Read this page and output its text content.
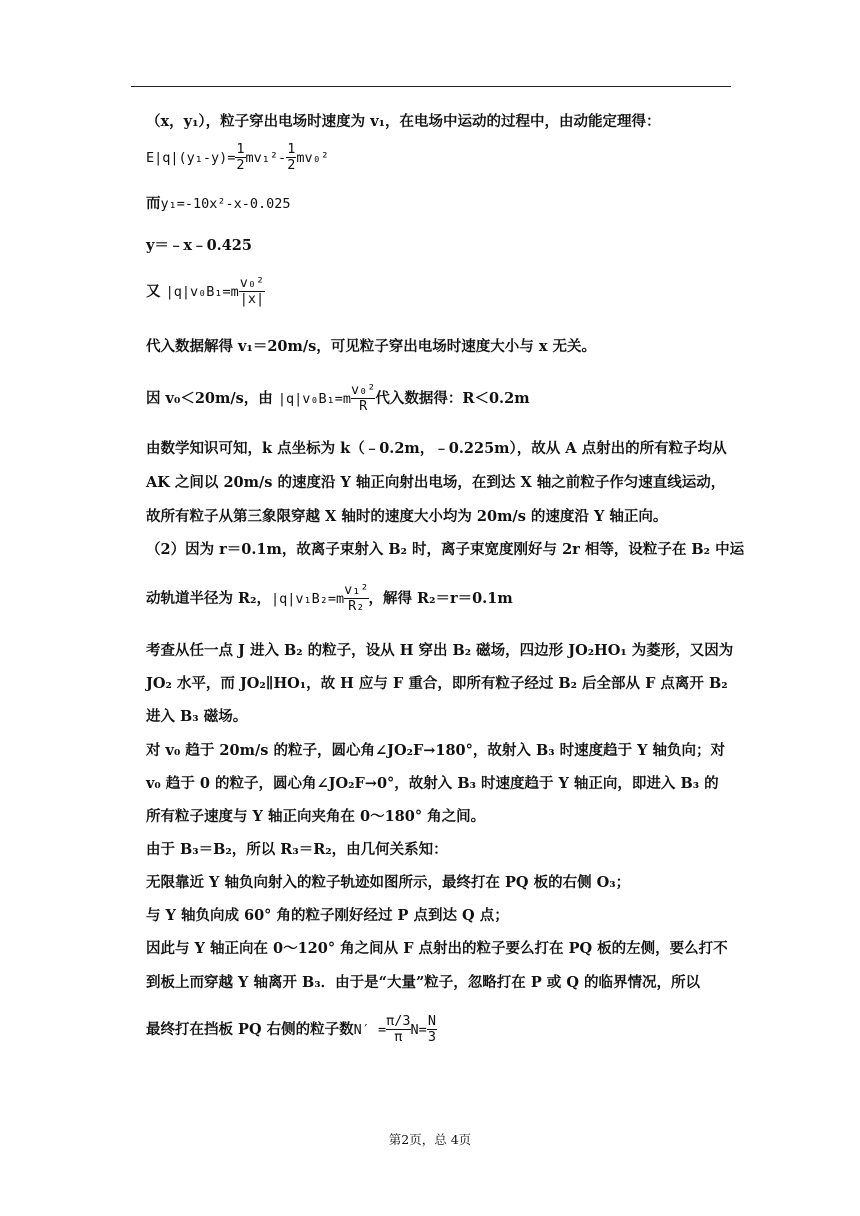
（x，y₁），粒子穿出电场时速度为 v₁，在电场中运动的过程中，由动能定理得：
$E|q|(y_1-y)= \frac{1}{2} mv_1^2- \frac{1}{2} mv_0^2$
而y₁=-10x²-x-0.025
y＝﹣x﹣0.425
又 $|q|v_0B_1=m \frac{\text{v₀²}}{|x|}$
代入数据解得 v₁＝20m/s，可见粒子穿出电场时速度大小与 x 无关。
因 v₀＜20m/s，由 $|q|v_0B_1=m \frac{\text{v₀²}}{R}$ 代入数据得：R＜0.2m
由数学知识可知，k 点坐标为 k（﹣0.2m，﹣0.225m），故从 A 点射出的所有粒子均从
AK 之间以 20m/s 的速度沿 Y 轴正向射出电场，在到达 X 轴之前粒子作匀速直线运动，
故所有粒子从第三象限穿越 X 轴时的速度大小均为 20m/s 的速度沿 Y 轴正向。
（2）因为 r＝0.1m，故离子束射入 B₂ 时，离子束宽度刚好与 2r 相等，设粒子在 B₂ 中运
动轨道半径为 R₂，$|q|v_1B_2=m \frac{\text{v₁²}}{\text{R₂}}$ ，解得 R₂＝r＝0.1m
考查从任一点 J 进入 B₂ 的粒子，设从 H 穿出 B₂ 磁场，四边形 JO₂HO₁ 为菱形，又因为
JO₂ 水平，而 JO₂∥HO₁，故 H 应与 F 重合，即所有粒子经过 B₂ 后全部从 F 点离开 B₂
进入 B₃ 磁场。
对 v₀ 趋于 20m/s 的粒子，圆心角∠JO₂F→180°，故射入 B₃ 时速度趋于 Y 轴负向；对
v₀ 趋于 0 的粒子，圆心角∠JO₂F→0°，故射入 B₃ 时速度趋于 Y 轴正向，即进入 B₃ 的
所有粒子速度与 Y 轴正向夹角在 0～180° 角之间。
由于 B₃＝B₂，所以 R₃＝R₂，由几何关系知：
无限靠近 Y 轴负向射入的粒子轨迹如图所示，最终打在 PQ 板的右侧 O₃；
与 Y 轴负向成 60° 角的粒子刚好经过 P 点到达 Q 点；
因此与 Y 轴正向在 0～120° 角之间从 F 点射出的粒子要么打在 PQ 板的左侧，要么打不
到板上而穿越 Y 轴离开 B₃．由于是“大量”粒子，忽略打在 P 或 Q 的临界情况，所以
最终打在挡板 PQ 右侧的粒子数$N' = \frac{\pi/3}{\pi} N= \frac{N}{3}$
第2页，总 4页
